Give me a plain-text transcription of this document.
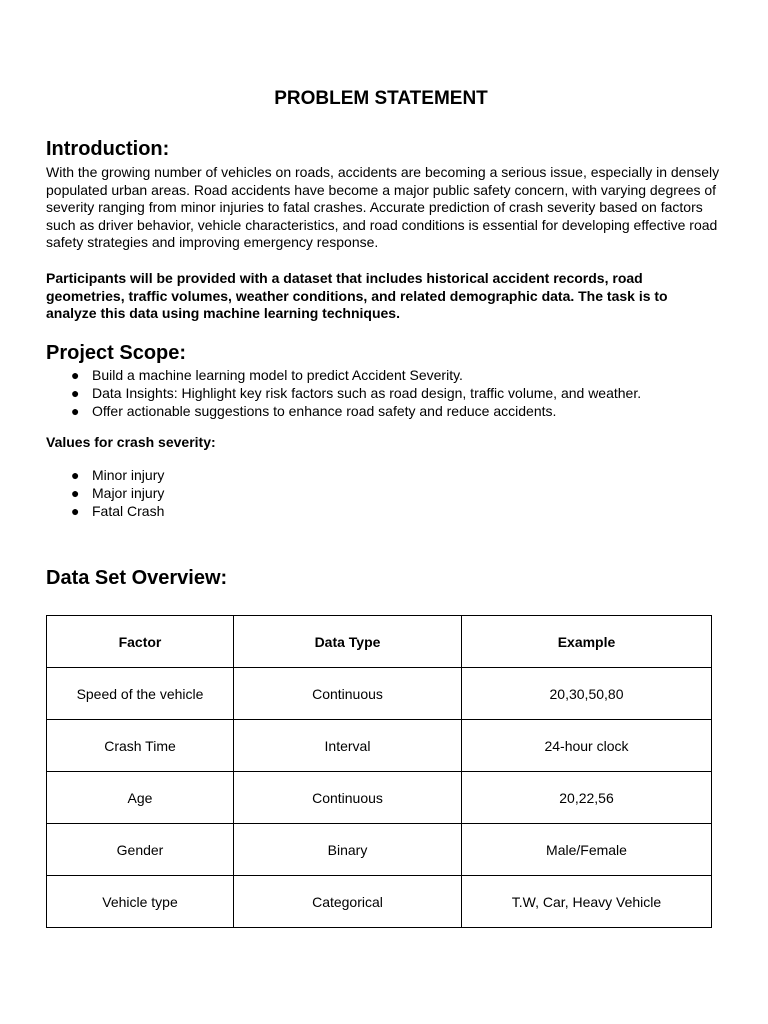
PROBLEM STATEMENT
Introduction:

With the growing number of vehicles on roads, accidents are becoming a serious issue, especially in densely populated urban areas. Road accidents have become a major public safety concern, with varying degrees of severity ranging from minor injuries to fatal crashes. Accurate prediction of crash severity based on factors such as driver behavior, vehicle characteristics, and road conditions is essential for developing effective road safety strategies and improving emergency response.

Participants will be provided with a dataset that includes historical accident records, road geometries, traffic volumes, weather conditions, and related demographic data. The task is to analyze this data using machine learning techniques.

Project Scope:
● Build a machine learning model to predict Accident Severity.
● Data Insights: Highlight key risk factors such as road design, traffic volume, and weather.
● Offer actionable suggestions to enhance road safety and reduce accidents.

Values for crash severity:

● Minor injury
● Major injury
● Fatal Crash
Data Set Overview:
Factor	Data Type	Example
Speed of the vehicle	Continuous	20,30,50,80
Crash Time	Interval	24-hour clock
Age	Continuous	20,22,56
Gender	Binary	Male/Female
Vehicle type	Categorical	T.W, Car, Heavy Vehicle
